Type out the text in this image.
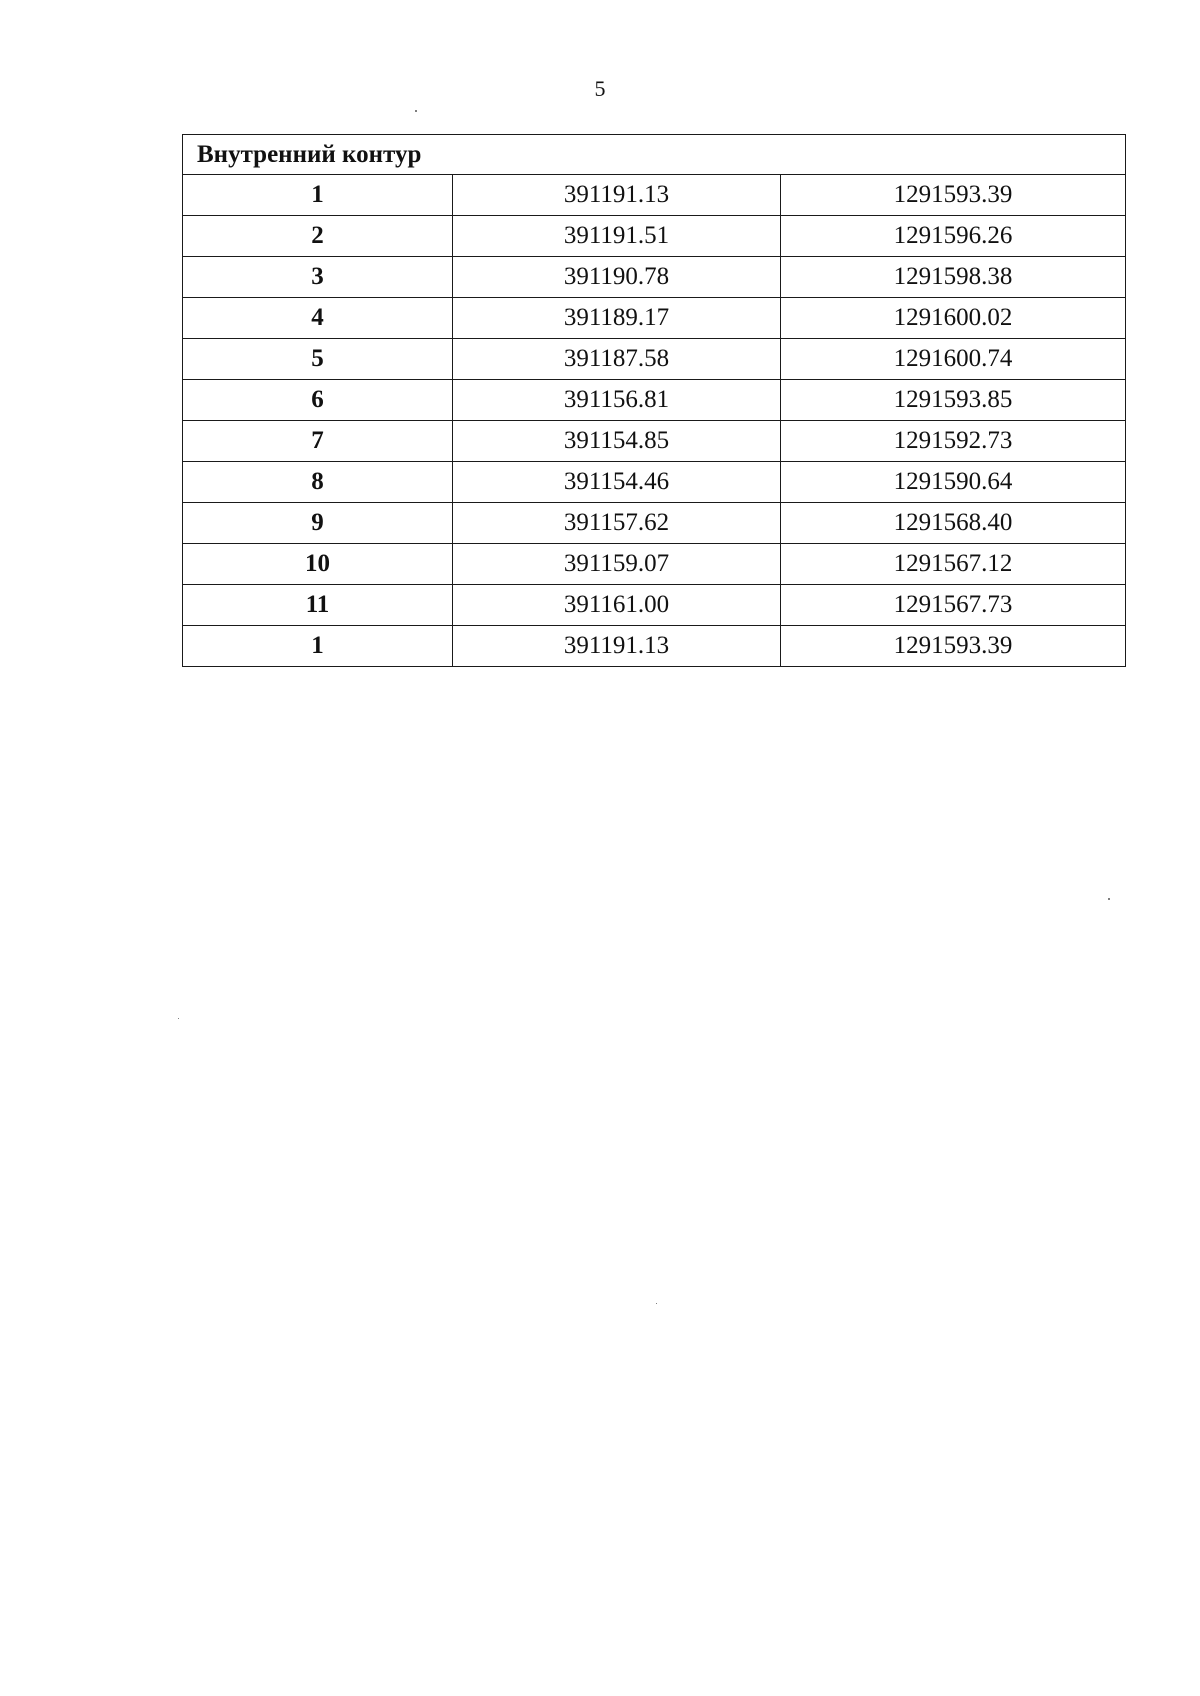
5
Внутренний контур		
1	391191.13	1291593.39
2	391191.51	1291596.26
3	391190.78	1291598.38
4	391189.17	1291600.02
5	391187.58	1291600.74
6	391156.81	1291593.85
7	391154.85	1291592.73
8	391154.46	1291590.64
9	391157.62	1291568.40
10	391159.07	1291567.12
11	391161.00	1291567.73
1	391191.13	1291593.39
